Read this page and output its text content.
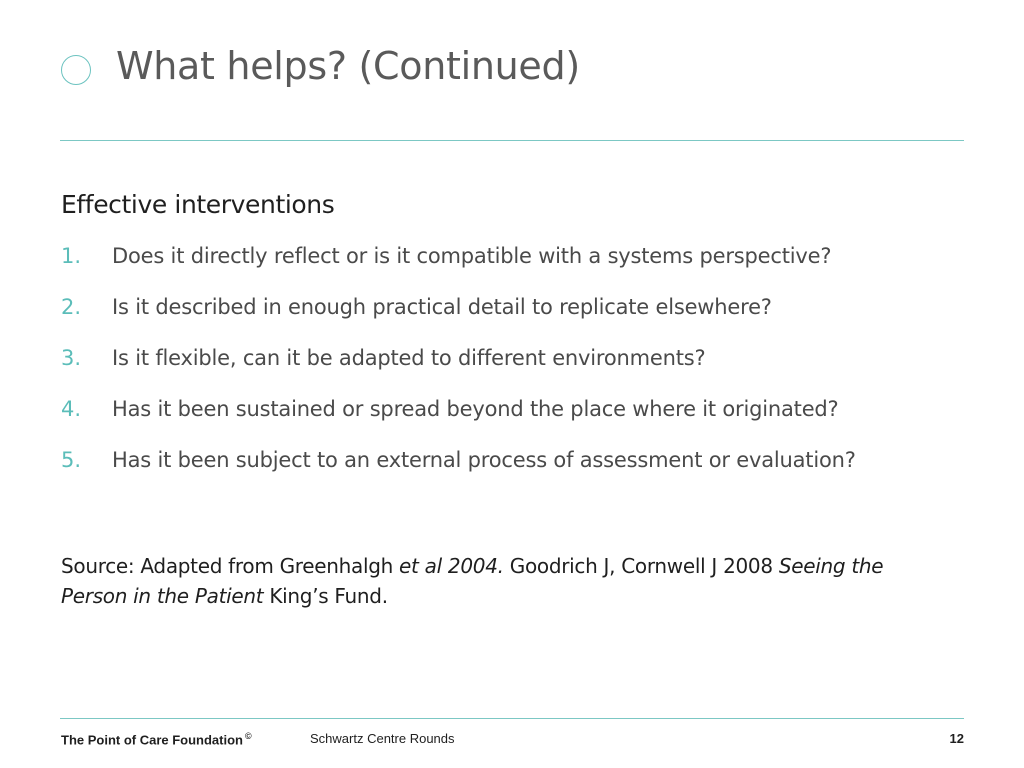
What helps? (Continued)
Effective interventions
1. Does it directly reflect or is it compatible with a systems perspective?
2. Is it described in enough practical detail to replicate elsewhere?
3. Is it flexible, can it be adapted to different environments?
4. Has it been sustained or spread beyond the place where it originated?
5. Has it been subject to an external process of assessment or evaluation?
Source: Adapted from Greenhalgh et al 2004. Goodrich J, Cornwell J 2008 Seeing the Person in the Patient King’s Fund.
The Point of Care Foundation ©	Schwartz Centre Rounds	12
